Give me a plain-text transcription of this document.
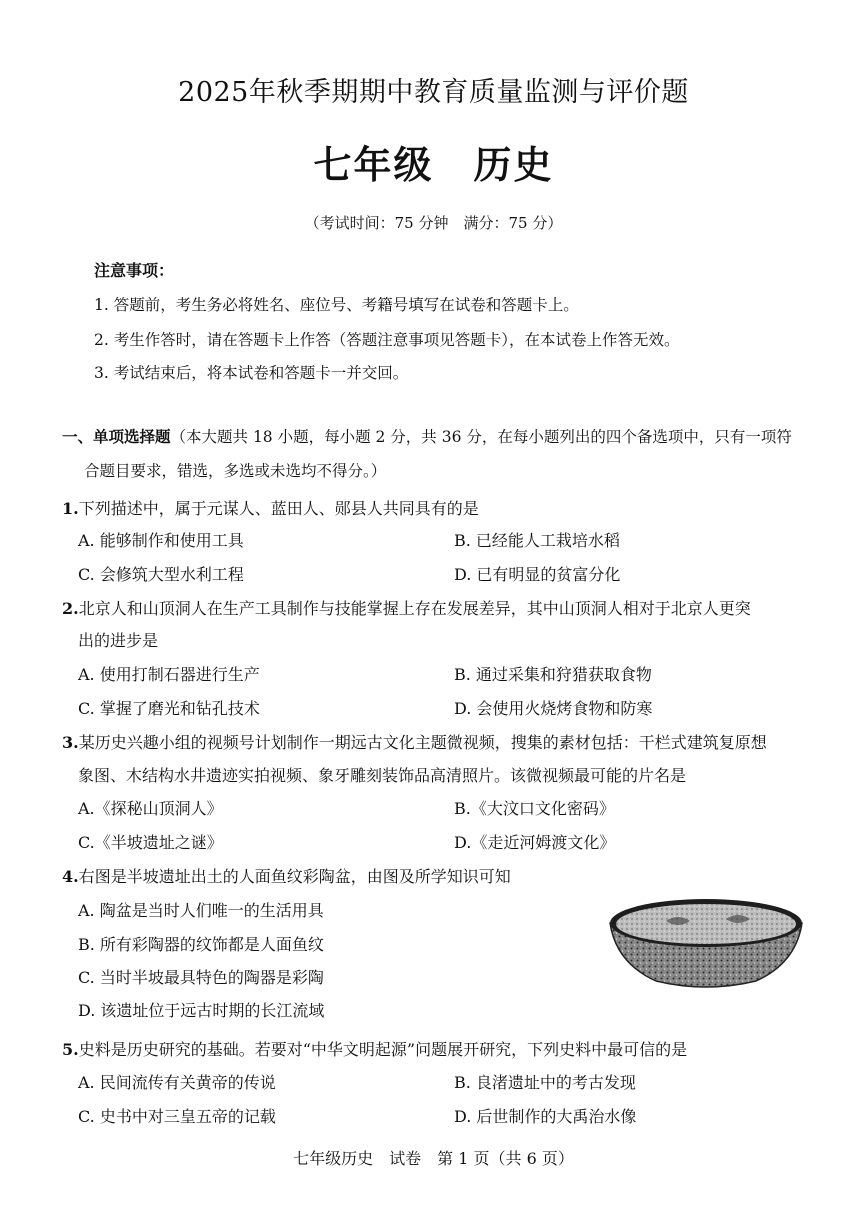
2025年秋季期期中教育质量监测与评价题
七年级　历史
（考试时间：75 分钟　满分：75 分）
注意事项：
1. 答题前，考生务必将姓名、座位号、考籍号填写在试卷和答题卡上。
2. 考生作答时，请在答题卡上作答（答题注意事项见答题卡），在本试卷上作答无效。
3. 考试结束后，将本试卷和答题卡一并交回。
一、单项选择题（本大题共 18 小题，每小题 2 分，共 36 分，在每小题列出的四个备选项中，只有一项符
合题目要求，错选，多选或未选均不得分。）
1.下列描述中，属于元谋人、蓝田人、郧县人共同具有的是
A. 能够制作和使用工具	B. 已经能人工栽培水稻
C. 会修筑大型水利工程	D. 已有明显的贫富分化
2.北京人和山顶洞人在生产工具制作与技能掌握上存在发展差异，其中山顶洞人相对于北京人更突
出的进步是
A. 使用打制石器进行生产	B. 通过采集和狩猎获取食物
C. 掌握了磨光和钻孔技术	D. 会使用火烧烤食物和防寒
3.某历史兴趣小组的视频号计划制作一期远古文化主题微视频，搜集的素材包括：干栏式建筑复原想
象图、木结构水井遗迹实拍视频、象牙雕刻装饰品高清照片。该微视频最可能的片名是
A.《探秘山顶洞人》	B.《大汶口文化密码》
C.《半坡遗址之谜》	D.《走近河姆渡文化》
4.右图是半坡遗址出土的人面鱼纹彩陶盆，由图及所学知识可知
A. 陶盆是当时人们唯一的生活用具
B. 所有彩陶器的纹饰都是人面鱼纹
C. 当时半坡最具特色的陶器是彩陶
D. 该遗址位于远古时期的长江流域
5.史料是历史研究的基础。若要对“中华文明起源”问题展开研究，下列史料中最可信的是
A. 民间流传有关黄帝的传说	B. 良渚遗址中的考古发现
C. 史书中对三皇五帝的记载	D. 后世制作的大禹治水像
七年级历史　试卷　第 1 页（共 6 页）
